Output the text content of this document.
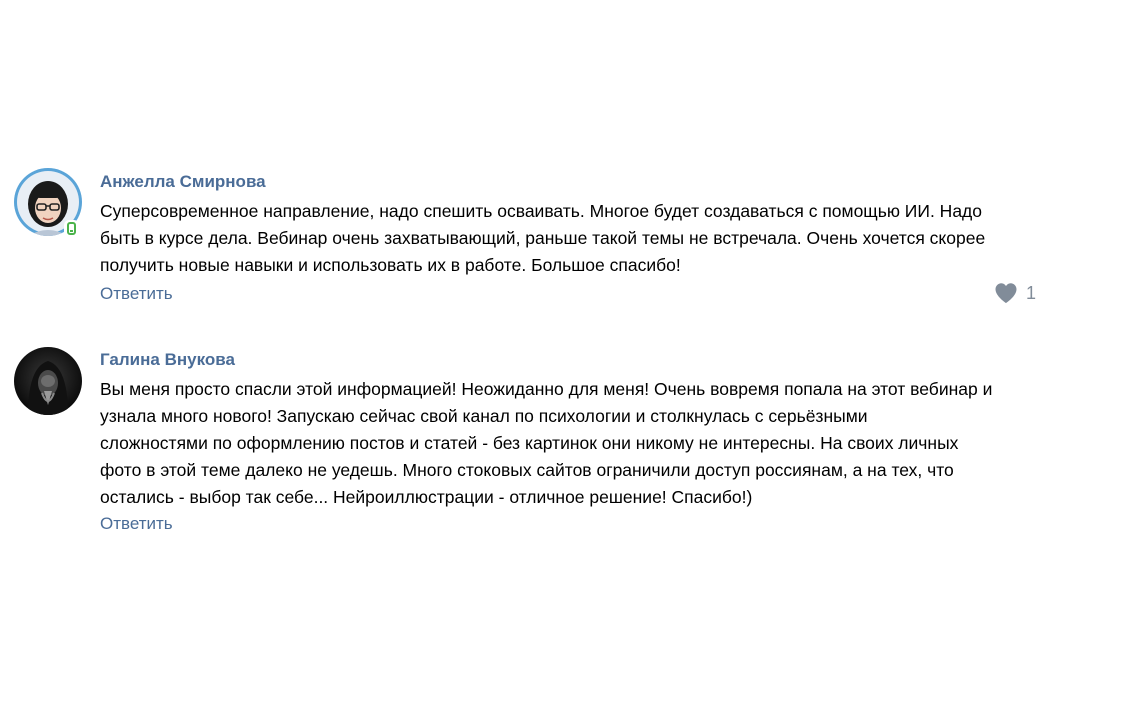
Анжелла Смирнова

Суперсовременное направление, надо спешить осваивать. Многое будет создаваться с помощью ИИ. Надо

быть в курсе дела. Вебинар очень захватывающий, раньше такой темы не встречала. Очень хочется скорее

получить новые навыки и использовать их в работе. Большое спасибо!

Ответить	1
Галина Внукова

Вы меня просто спасли этой информацией! Неожиданно для меня! Очень вовремя попала на этот вебинар и

узнала много нового! Запускаю сейчас свой канал по психологии и столкнулась с серьёзными

сложностями по оформлению постов и статей - без картинок они никому не интересны. На своих личных

фото в этой теме далеко не уедешь. Много стоковых сайтов ограничили доступ россиянам, а на тех, что

остались - выбор так себе... Нейроиллюстрации - отличное решение! Спасибо!)

Ответить
